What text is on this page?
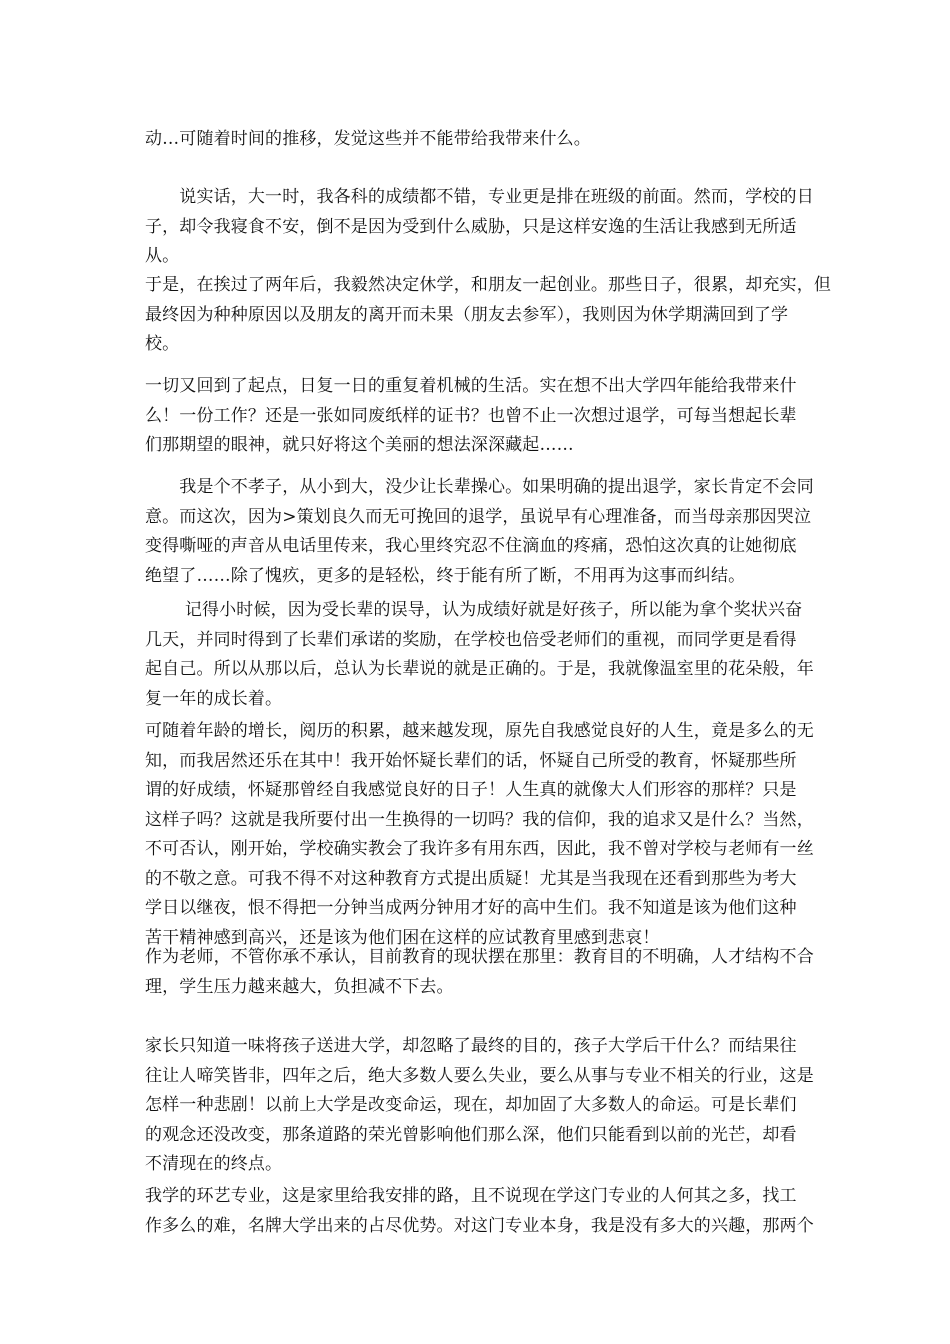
动…可随着时间的推移，发觉这些并不能带给我带来什么。
　　说实话，大一时，我各科的成绩都不错，专业更是排在班级的前面。然而，学校的日
子，却令我寝食不安，倒不是因为受到什么威胁，只是这样安逸的生活让我感到无所适
从。
于是，在挨过了两年后，我毅然决定休学，和朋友一起创业。那些日子，很累，却充实，但
最终因为种种原因以及朋友的离开而未果（朋友去参军），我则因为休学期满回到了学
校。
一切又回到了起点，日复一日的重复着机械的生活。实在想不出大学四年能给我带来什
么！一份工作？还是一张如同废纸样的证书？也曾不止一次想过退学，可每当想起长辈
们那期望的眼神，就只好将这个美丽的想法深深藏起……
　　我是个不孝子，从小到大，没少让长辈操心。如果明确的提出退学，家长肯定不会同
意。而这次，因为>策划良久而无可挽回的退学，虽说早有心理准备，而当母亲那因哭泣
变得嘶哑的声音从电话里传来，我心里终究忍不住滴血的疼痛，恐怕这次真的让她彻底
绝望了……除了愧疚，更多的是轻松，终于能有所了断，不用再为这事而纠结。
　　 记得小时候，因为受长辈的误导，认为成绩好就是好孩子，所以能为拿个奖状兴奋
几天，并同时得到了长辈们承诺的奖励，在学校也倍受老师们的重视，而同学更是看得
起自己。所以从那以后，总认为长辈说的就是正确的。于是，我就像温室里的花朵般，年
复一年的成长着。
可随着年龄的增长，阅历的积累，越来越发现，原先自我感觉良好的人生，竟是多么的无
知，而我居然还乐在其中！我开始怀疑长辈们的话，怀疑自己所受的教育，怀疑那些所
谓的好成绩，怀疑那曾经自我感觉良好的日子！人生真的就像大人们形容的那样？只是
这样子吗？这就是我所要付出一生换得的一切吗？我的信仰，我的追求又是什么？当然，
不可否认，刚开始，学校确实教会了我许多有用东西，因此，我不曾对学校与老师有一丝
的不敬之意。可我不得不对这种教育方式提出质疑！尤其是当我现在还看到那些为考大
学日以继夜，恨不得把一分钟当成两分钟用才好的高中生们。我不知道是该为他们这种
苦干精神感到高兴，还是该为他们困在这样的应试教育里感到悲哀！
作为老师，不管你承不承认，目前教育的现状摆在那里：教育目的不明确，人才结构不合
理，学生压力越来越大，负担减不下去。
家长只知道一味将孩子送进大学，却忽略了最终的目的，孩子大学后干什么？而结果往
往让人啼笑皆非，四年之后，绝大多数人要么失业，要么从事与专业不相关的行业，这是
怎样一种悲剧！以前上大学是改变命运，现在，却加固了大多数人的命运。可是长辈们
的观念还没改变，那条道路的荣光曾影响他们那么深，他们只能看到以前的光芒，却看
不清现在的终点。
我学的环艺专业，这是家里给我安排的路，且不说现在学这门专业的人何其之多，找工
作多么的难，名牌大学出来的占尽优势。对这门专业本身，我是没有多大的兴趣，那两个
